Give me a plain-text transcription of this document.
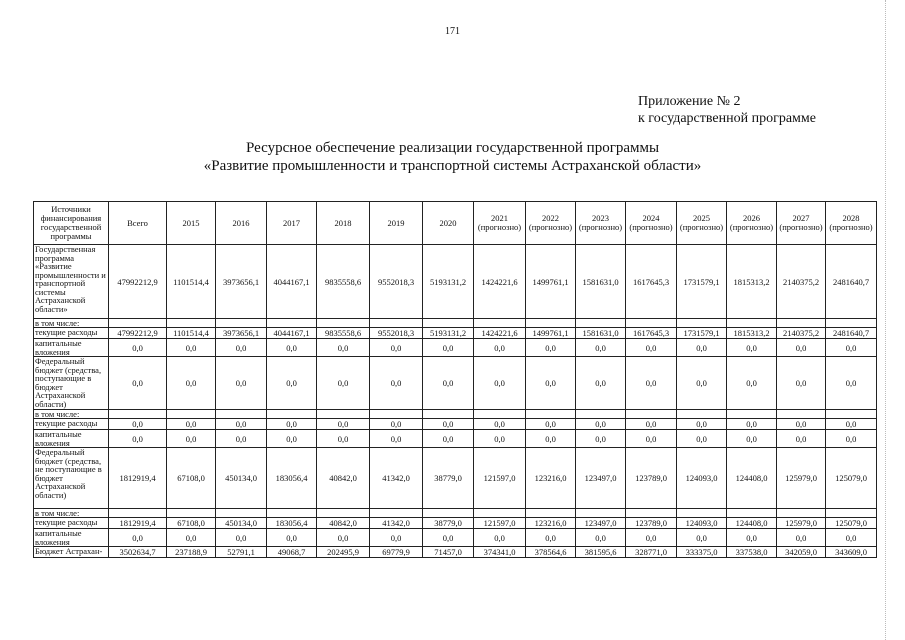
171
Приложение № 2
к государственной программе
Ресурсное обеспечение реализации государственной программы
«Развитие промышленности и транспортной системы Астраханской области»
Источники финансирования государственной программы	Всего	2015	2016	2017	2018	2019	2020	2021 (прогнозно)	2022 (прогнозно)	2023 (прогнозно)	2024 (прогнозно)	2025 (прогнозно)	2026 (прогнозно)	2027 (прогнозно)	2028 (прогнозно)
Государственная программа «Развитие промышленности и транспортной системы Астраханской области»	47992212,9	1101514,4	3973656,1	4044167,1	9835558,6	9552018,3	5193131,2	1424221,6	1499761,1	1581631,0	1617645,3	1731579,1	1815313,2	2140375,2	2481640,7
в том числе:															
текущие расходы	47992212,9	1101514,4	3973656,1	4044167,1	9835558,6	9552018,3	5193131,2	1424221,6	1499761,1	1581631,0	1617645,3	1731579,1	1815313,2	2140375,2	2481640,7
капитальные вложения	0,0	0,0	0,0	0,0	0,0	0,0	0,0	0,0	0,0	0,0	0,0	0,0	0,0	0,0	0,0
Федеральный бюджет (средства, поступающие в бюджет Астраханской области)	0,0	0,0	0,0	0,0	0,0	0,0	0,0	0,0	0,0	0,0	0,0	0,0	0,0	0,0	0,0
в том числе:															
текущие расходы	0,0	0,0	0,0	0,0	0,0	0,0	0,0	0,0	0,0	0,0	0,0	0,0	0,0	0,0	0,0
капитальные вложения	0,0	0,0	0,0	0,0	0,0	0,0	0,0	0,0	0,0	0,0	0,0	0,0	0,0	0,0	0,0
Федеральный бюджет (средства, не поступающие в бюджет Астраханской области)	1812919,4	67108,0	450134,0	183056,4	40842,0	41342,0	38779,0	121597,0	123216,0	123497,0	123789,0	124093,0	124408,0	125979,0	125079,0
в том числе:															
текущие расходы	1812919,4	67108,0	450134,0	183056,4	40842,0	41342,0	38779,0	121597,0	123216,0	123497,0	123789,0	124093,0	124408,0	125979,0	125079,0
капитальные вложения	0,0	0,0	0,0	0,0	0,0	0,0	0,0	0,0	0,0	0,0	0,0	0,0	0,0	0,0	0,0
Бюджет Астрахан-	3502634,7	237188,9	52791,1	49068,7	202495,9	69779,9	71457,0	374341,0	378564,6	381595,6	328771,0	333375,0	337538,0	342059,0	343609,0
